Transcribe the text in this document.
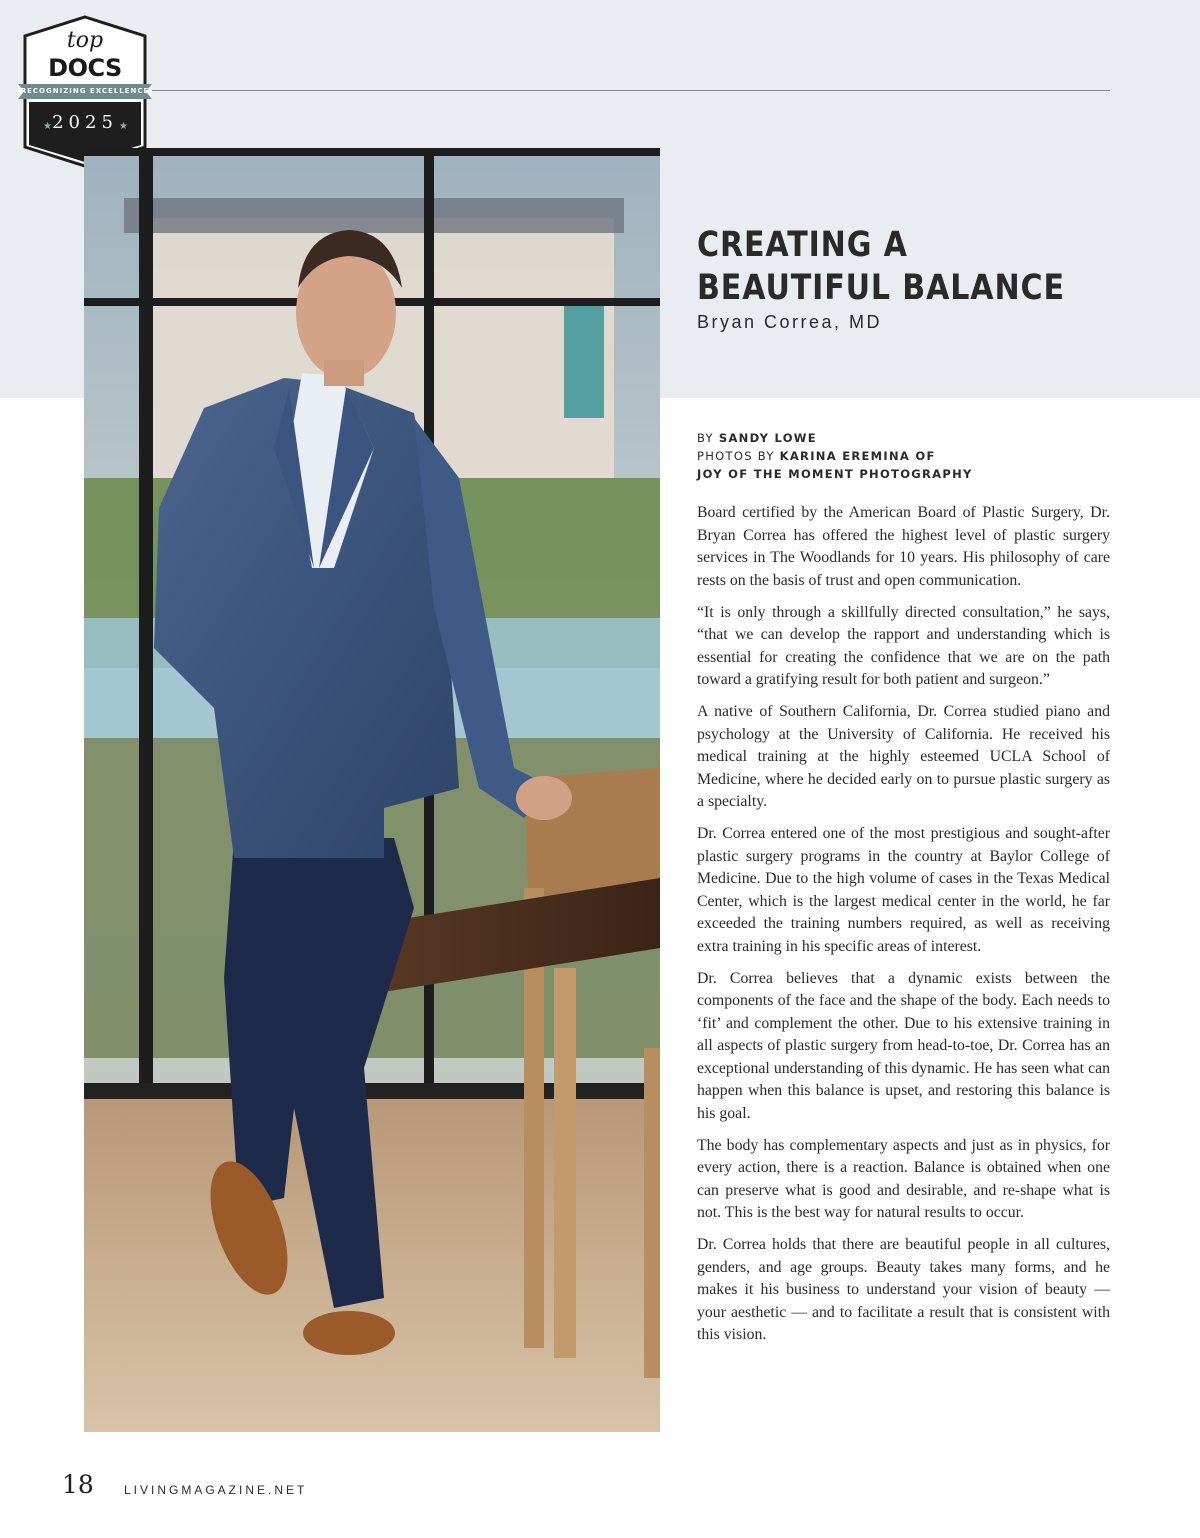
★	★
top
DOCS
RECOGNIZING EXCELLENCE
2025
CREATING A
BEAUTIFUL BALANCE
Bryan Correa, MD
BY SANDY LOWE
PHOTOS BY KARINA EREMINA OF
JOY OF THE MOMENT PHOTOGRAPHY

Board certified by the American Board of Plastic Surgery, Dr. Bryan Correa has offered the highest level of plastic surgery services in The Woodlands for 10 years. His philosophy of care rests on the basis of trust and open communication.

“It is only through a skillfully directed consultation,” he says, “that we can develop the rapport and understanding which is essential for creating the confidence that we are on the path toward a gratifying result for both patient and surgeon.”

A native of Southern California, Dr. Correa studied piano and psychology at the University of California. He received his medical training at the highly esteemed UCLA School of Medicine, where he decided early on to pursue plastic surgery as a specialty.

Dr. Correa entered one of the most prestigious and sought-after plastic surgery programs in the country at Baylor College of Medicine. Due to the high volume of cases in the Texas Medical Center, which is the largest medical center in the world, he far exceeded the training numbers required, as well as receiving extra training in his specific areas of interest.

Dr. Correa believes that a dynamic exists between the components of the face and the shape of the body. Each needs to ‘fit’ and complement the other. Due to his extensive training in all aspects of plastic surgery from head-to-toe, Dr. Correa has an exceptional understanding of this dynamic. He has seen what can happen when this balance is upset, and restoring this balance is his goal.

The body has complementary aspects and just as in physics, for every action, there is a reaction. Balance is obtained when one can preserve what is good and desirable, and re-shape what is not. This is the best way for natural results to occur.

Dr. Correa holds that there are beautiful people in all cultures, genders, and age groups. Beauty takes many forms, and he makes it his business to understand your vision of beauty — your aesthetic — and to facilitate a result that is consistent with this vision.

18	LIVINGMAGAZINE.NET
